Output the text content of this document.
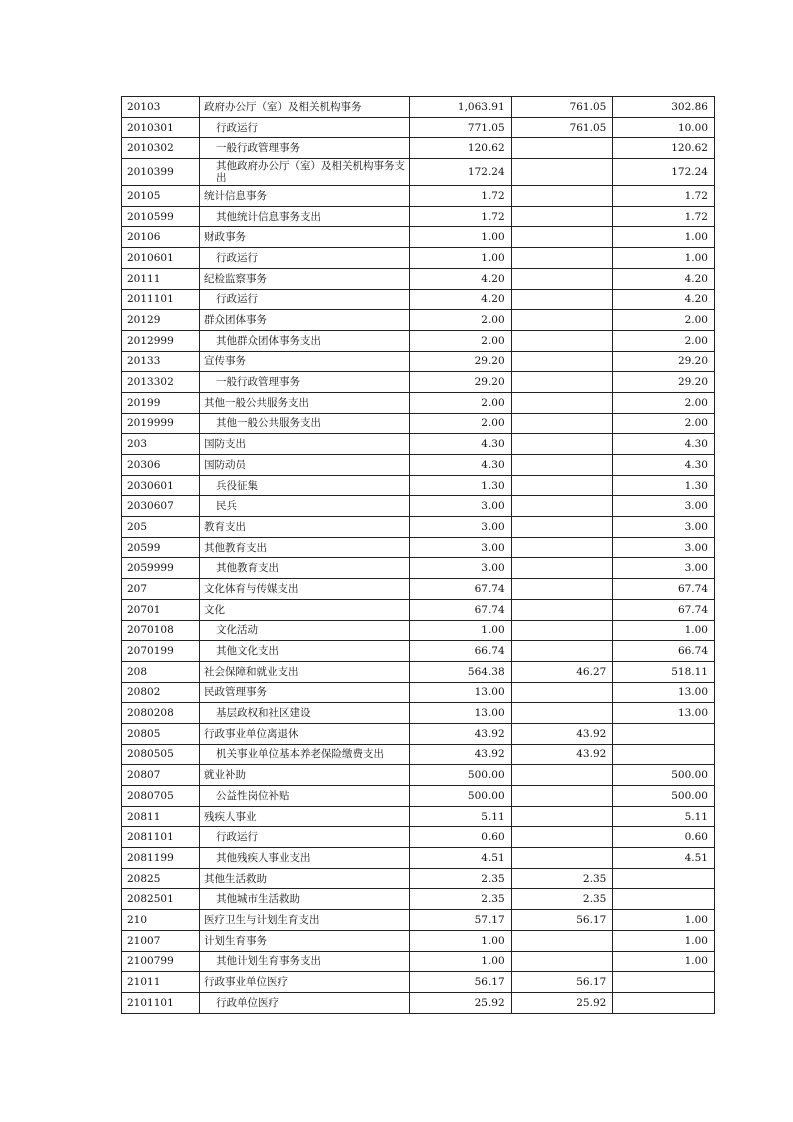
20103	政府办公厅（室）及相关机构事务	1,063.91	761.05	302.86
2010301	行政运行	771.05	761.05	10.00
2010302	一般行政管理事务	120.62		120.62
2010399	其他政府办公厅（室）及相关机构事务支出	172.24		172.24
20105	统计信息事务	1.72		1.72
2010599	其他统计信息事务支出	1.72		1.72
20106	财政事务	1.00		1.00
2010601	行政运行	1.00		1.00
20111	纪检监察事务	4.20		4.20
2011101	行政运行	4.20		4.20
20129	群众团体事务	2.00		2.00
2012999	其他群众团体事务支出	2.00		2.00
20133	宣传事务	29.20		29.20
2013302	一般行政管理事务	29.20		29.20
20199	其他一般公共服务支出	2.00		2.00
2019999	其他一般公共服务支出	2.00		2.00
203	国防支出	4.30		4.30
20306	国防动员	4.30		4.30
2030601	兵役征集	1.30		1.30
2030607	民兵	3.00		3.00
205	教育支出	3.00		3.00
20599	其他教育支出	3.00		3.00
2059999	其他教育支出	3.00		3.00
207	文化体育与传媒支出	67.74		67.74
20701	文化	67.74		67.74
2070108	文化活动	1.00		1.00
2070199	其他文化支出	66.74		66.74
208	社会保障和就业支出	564.38	46.27	518.11
20802	民政管理事务	13.00		13.00
2080208	基层政权和社区建设	13.00		13.00
20805	行政事业单位离退休	43.92	43.92	
2080505	机关事业单位基本养老保险缴费支出	43.92	43.92	
20807	就业补助	500.00		500.00
2080705	公益性岗位补贴	500.00		500.00
20811	残疾人事业	5.11		5.11
2081101	行政运行	0.60		0.60
2081199	其他残疾人事业支出	4.51		4.51
20825	其他生活救助	2.35	2.35	
2082501	其他城市生活救助	2.35	2.35	
210	医疗卫生与计划生育支出	57.17	56.17	1.00
21007	计划生育事务	1.00		1.00
2100799	其他计划生育事务支出	1.00		1.00
21011	行政事业单位医疗	56.17	56.17	
2101101	行政单位医疗	25.92	25.92	
